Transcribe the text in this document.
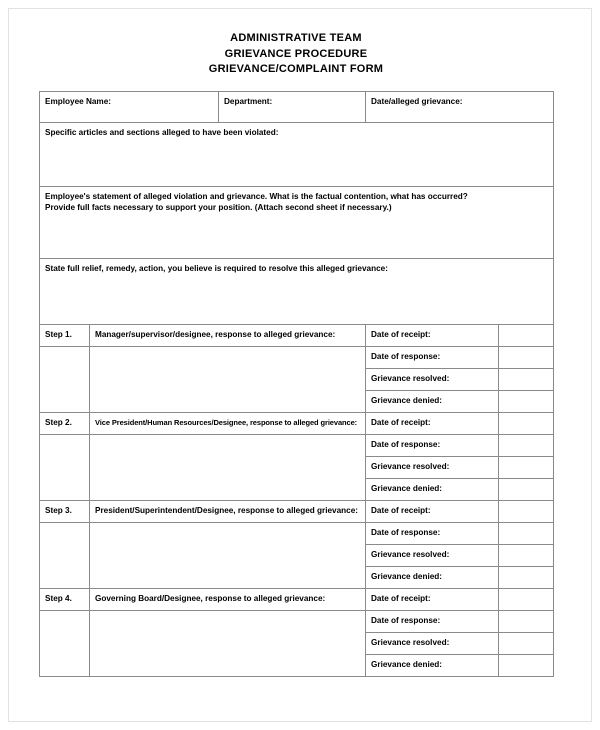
ADMINISTRATIVE TEAM
GRIEVANCE PROCEDURE
GRIEVANCE/COMPLAINT FORM
Employee Name:		Department:	Date/alleged grievance:	
Specific articles and sections alleged to have been violated:				

Employee's statement of alleged violation and grievance. What is the factual contention, what has occurred?
Provide full facts necessary to support your position. (Attach second sheet if necessary.)				

State full relief, remedy, action, you believe is required to resolve this alleged grievance:				
Step 1.	Manager/supervisor/designee, response to alleged grievance:		Date of receipt:	
			Date of response:	
			Grievance resolved:	
			Grievance denied:	
Step 2.	Vice President/Human Resources/Designee, response to alleged grievance:		Date of receipt:	
			Date of response:	
			Grievance resolved:	
			Grievance denied:	
Step 3.	President/Superintendent/Designee, response to alleged grievance:		Date of receipt:	
			Date of response:	
			Grievance resolved:	
			Grievance denied:	
Step 4.	Governing Board/Designee, response to alleged grievance:		Date of receipt:	
			Date of response:	
			Grievance resolved:	
			Grievance denied:	
